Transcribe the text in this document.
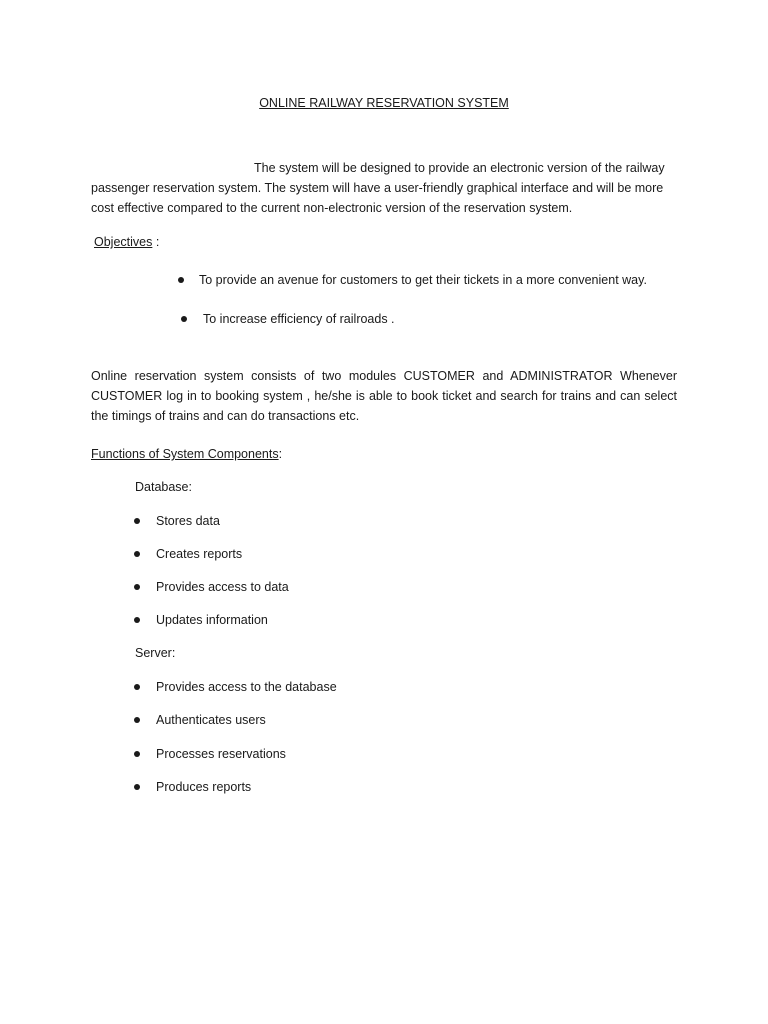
ONLINE RAILWAY RESERVATION SYSTEM
The system will be designed to provide an electronic version of the railway
passenger reservation system. The system will have a user-friendly graphical interface and will be more
cost effective compared to the current non-electronic version of the reservation system.
Objectives :
To provide an avenue for customers to get their tickets in a more convenient way.
To increase efficiency of railroads .
Online reservation system consists of two modules CUSTOMER and ADMINISTRATOR Whenever
CUSTOMER log in to booking system , he/she is able to book ticket and search for trains and can select
the timings of trains and can do transactions etc.
Functions of System Components:
Database:
Stores data
Creates reports
Provides access to data
Updates information
Server:
Provides access to the database
Authenticates users
Processes reservations
Produces reports
